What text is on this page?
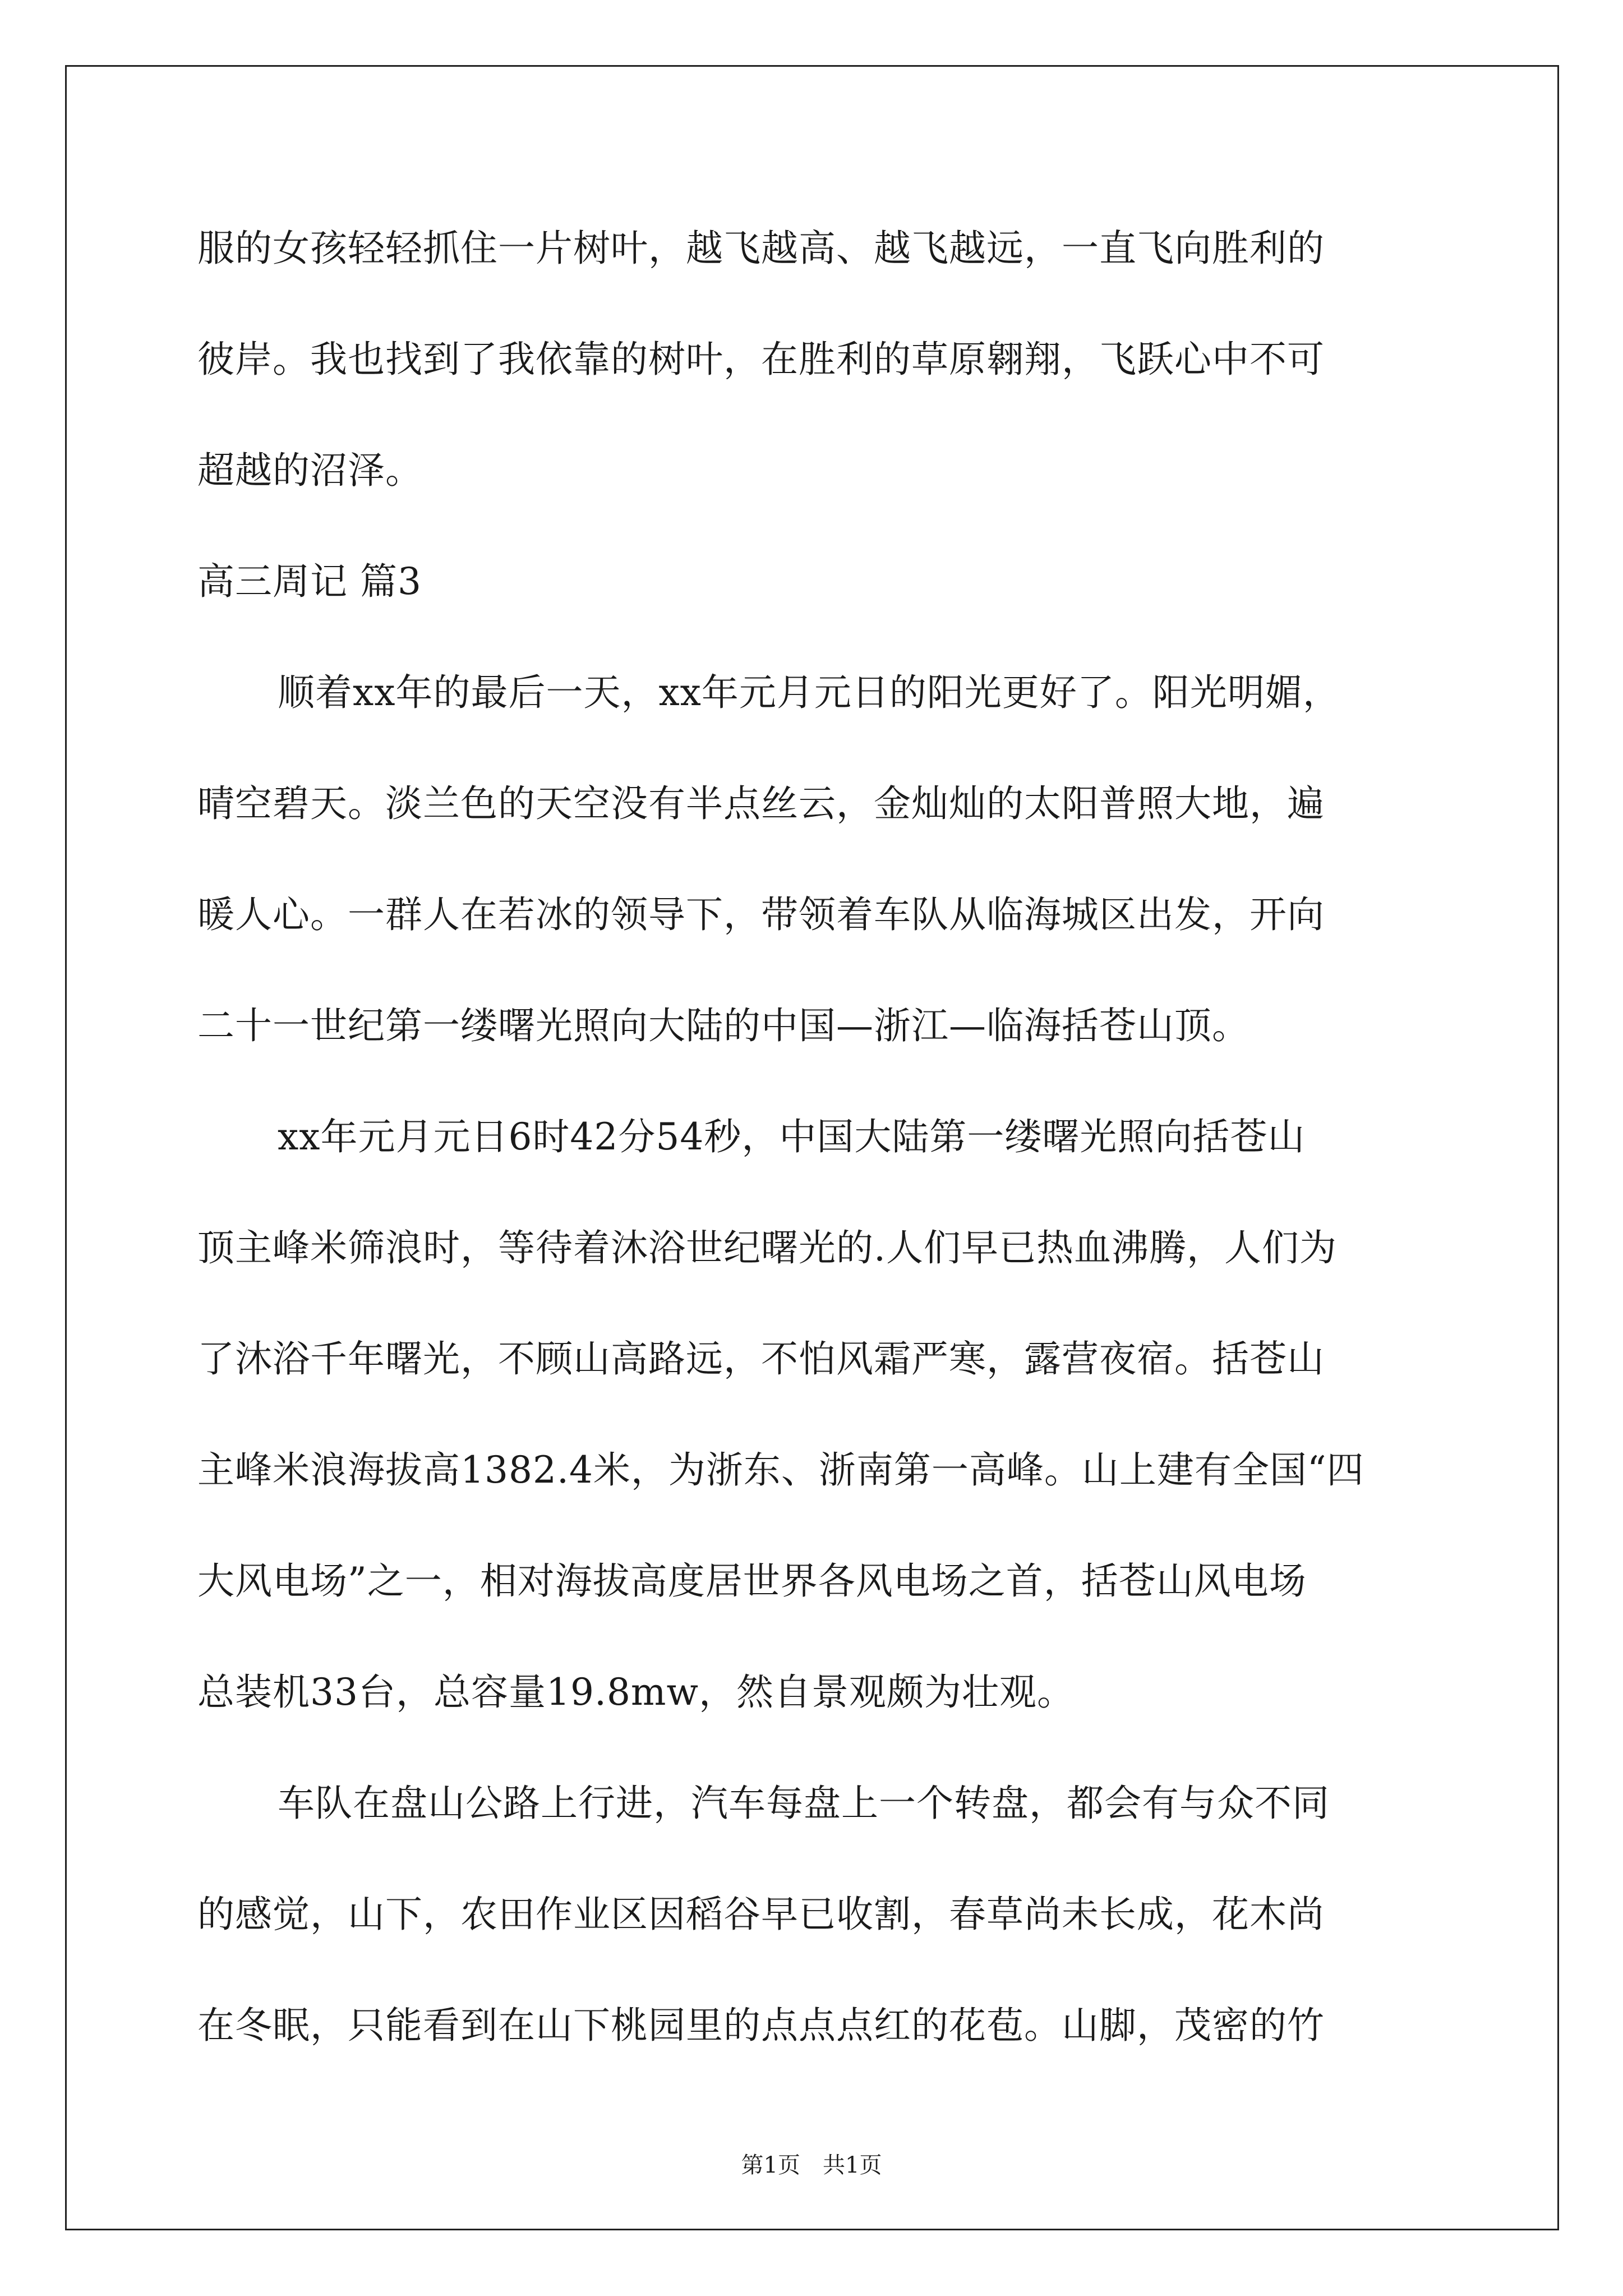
服的女孩轻轻抓住一片树叶，越飞越高、越飞越远，一直飞向胜利的
彼岸。我也找到了我依靠的树叶，在胜利的草原翱翔，飞跃心中不可
超越的沼泽。
高三周记 篇3
顺着xx年的最后一天，xx年元月元日的阳光更好了。阳光明媚，
晴空碧天。淡兰色的天空没有半点丝云，金灿灿的太阳普照大地，遍
暖人心。一群人在若冰的领导下，带领着车队从临海城区出发，开向
二十一世纪第一缕曙光照向大陆的中国—浙江—临海括苍山顶。
xx年元月元日6时42分54秒，中国大陆第一缕曙光照向括苍山
顶主峰米筛浪时，等待着沐浴世纪曙光的.人们早已热血沸腾，人们为
了沐浴千年曙光，不顾山高路远，不怕风霜严寒，露营夜宿。括苍山
主峰米浪海拔高1382.4米，为浙东、浙南第一高峰。山上建有全国“四
大风电场”之一，相对海拔高度居世界各风电场之首，括苍山风电场
总装机33台，总容量19.8mw，然自景观颇为壮观。
车队在盘山公路上行进，汽车每盘上一个转盘，都会有与众不同
的感觉，山下，农田作业区因稻谷早已收割，春草尚未长成，花木尚
在冬眠，只能看到在山下桃园里的点点点红的花苞。山脚，茂密的竹
第1页　共1页
